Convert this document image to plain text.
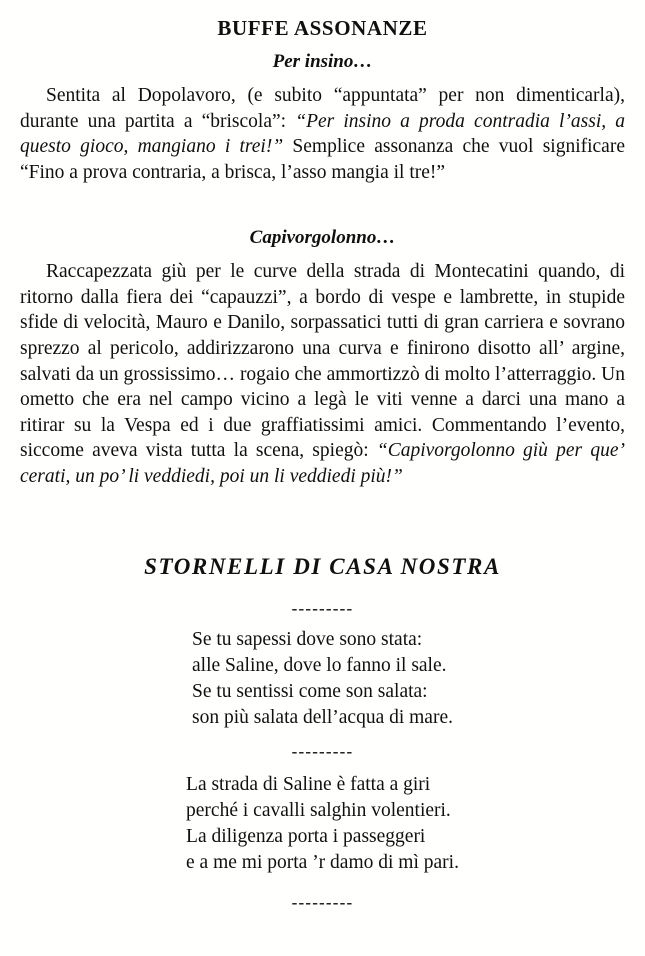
BUFFE ASSONANZE
Per insino…

Sentita al Dopolavoro, (e subito “appuntata” per non dimenticarla), durante una partita a “briscola”: “Per insino a proda contradia l’assi, a questo gioco, mangiano i trei!” Semplice assonanza che vuol significare “Fino a prova contraria, a brisca, l’asso mangia il tre!”

Capivorgolonno…

Raccapezzata giù per le curve della strada di Montecatini quando, di ritorno dalla fiera dei “capauzzi”, a bordo di vespe e lambrette, in stupide sfide di velocità, Mauro e Danilo, sorpassatici tutti di gran carriera e sovrano sprezzo al pericolo, addirizzarono una curva e finirono disotto all’ argine, salvati da un grossissimo… rogaio che ammortizzò di molto l’atterraggio. Un ometto che era nel campo vicino a legà le viti venne a darci una mano a ritirar su la Vespa ed i due graffiatissimi amici. Commentando l’evento, siccome aveva vista tutta la scena, spiegò: “Capivorgolonno giù per que’ cerati, un po’ li veddiedi, poi un li veddiedi più!”

STORNELLI DI CASA NOSTRA
---------
Se tu sapessi dove sono stata:
alle Saline, dove lo fanno il sale.
Se tu sentissi come son salata:
son più salata dell’acqua di mare.
---------
La strada di Saline è fatta a giri
perché i cavalli salghin volentieri.
La diligenza porta i passeggeri
e a me mi porta ’r damo di mì pari.
---------
